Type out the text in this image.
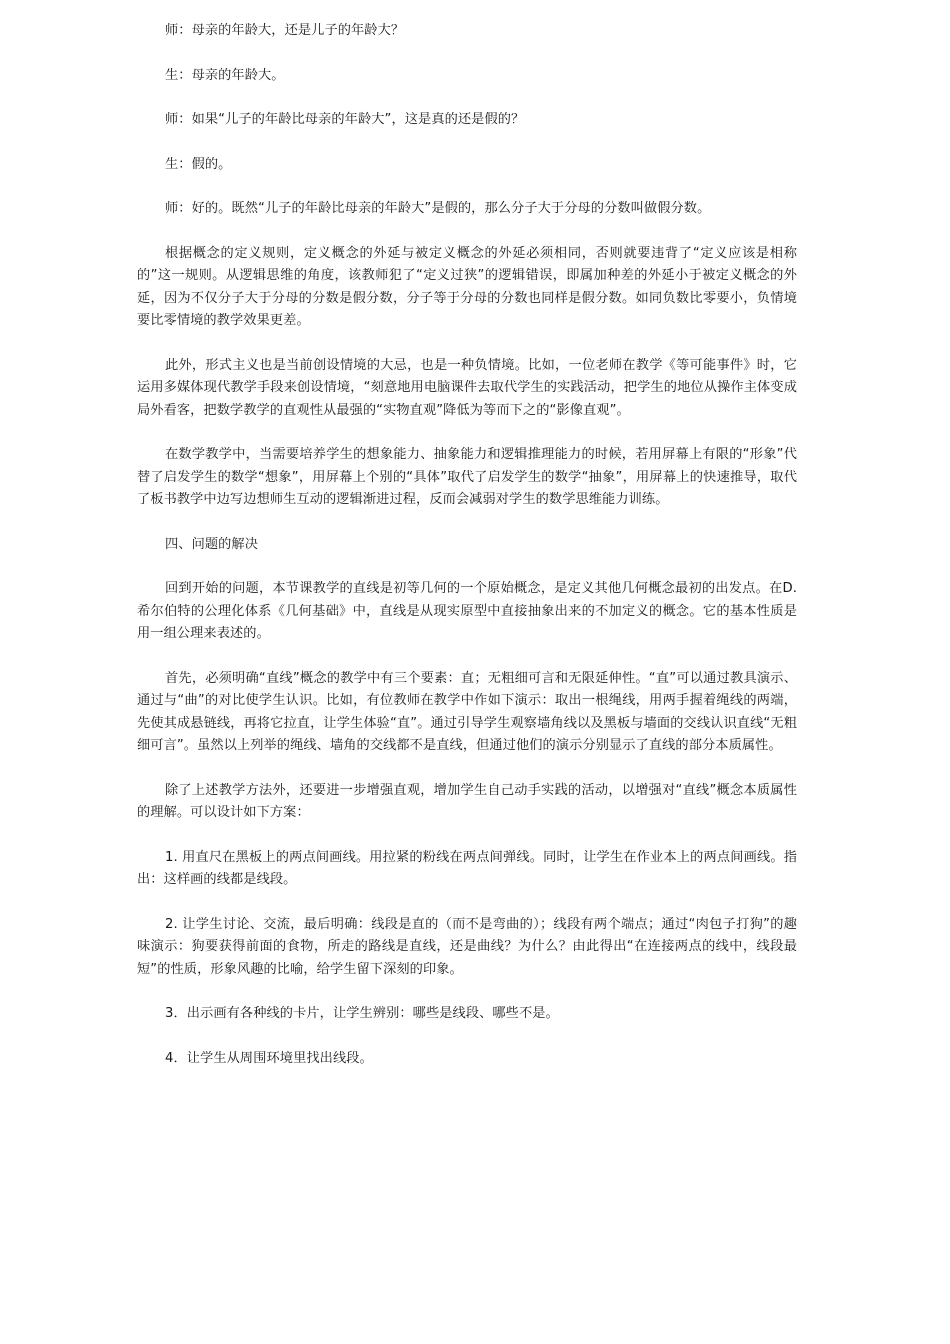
师：母亲的年龄大，还是儿子的年龄大？

生：母亲的年龄大。

师：如果“儿子的年龄比母亲的年龄大”，这是真的还是假的？

生：假的。

师：好的。既然“儿子的年龄比母亲的年龄大”是假的，那么分子大于分母的分数叫做假分数。

根据概念的定义规则，定义概念的外延与被定义概念的外延必须相同，否则就要违背了“定义应该是相称的”这一规则。从逻辑思维的角度，该教师犯了“定义过狭”的逻辑错误，即属加种差的外延小于被定义概念的外延，因为不仅分子大于分母的分数是假分数，分子等于分母的分数也同样是假分数。如同负数比零要小，负情境要比零情境的教学效果更差。

此外，形式主义也是当前创设情境的大忌，也是一种负情境。比如，一位老师在教学《等可能事件》时，它运用多媒体现代教学手段来创设情境，“刻意地用电脑课件去取代学生的实践活动，把学生的地位从操作主体变成局外看客，把数学教学的直观性从最强的“实物直观”降低为等而下之的“影像直观”。

在数学教学中，当需要培养学生的想象能力、抽象能力和逻辑推理能力的时候，若用屏幕上有限的“形象”代替了启发学生的数学“想象”，用屏幕上个别的“具体”取代了启发学生的数学“抽象”，用屏幕上的快速推导，取代了板书教学中边写边想师生互动的逻辑渐进过程，反而会减弱对学生的数学思维能力训练。

四、问题的解决

回到开始的问题，本节课教学的直线是初等几何的一个原始概念，是定义其他几何概念最初的出发点。在D.希尔伯特的公理化体系《几何基础》中，直线是从现实原型中直接抽象出来的不加定义的概念。它的基本性质是用一组公理来表述的。

首先，必须明确“直线”概念的教学中有三个要素：直；无粗细可言和无限延伸性。“直”可以通过教具演示、通过与“曲”的对比使学生认识。比如，有位教师在教学中作如下演示：取出一根绳线，用两手握着绳线的两端，先使其成悬链线，再将它拉直，让学生体验“直”。通过引导学生观察墙角线以及黑板与墙面的交线认识直线“无粗细可言”。虽然以上列举的绳线、墙角的交线都不是直线，但通过他们的演示分别显示了直线的部分本质属性。

除了上述教学方法外，还要进一步增强直观，增加学生自己动手实践的活动，以增强对“直线”概念本质属性的理解。可以设计如下方案：

1. 用直尺在黑板上的两点间画线。用拉紧的粉线在两点间弹线。同时，让学生在作业本上的两点间画线。指出：这样画的线都是线段。

2. 让学生讨论、交流，最后明确：线段是直的（而不是弯曲的）；线段有两个端点；通过“肉包子打狗”的趣味演示：狗要获得前面的食物，所走的路线是直线，还是曲线？为什么？由此得出“在连接两点的线中，线段最短”的性质，形象风趣的比喻，给学生留下深刻的印象。

3．出示画有各种线的卡片，让学生辨别：哪些是线段、哪些不是。

4．让学生从周围环境里找出线段。
